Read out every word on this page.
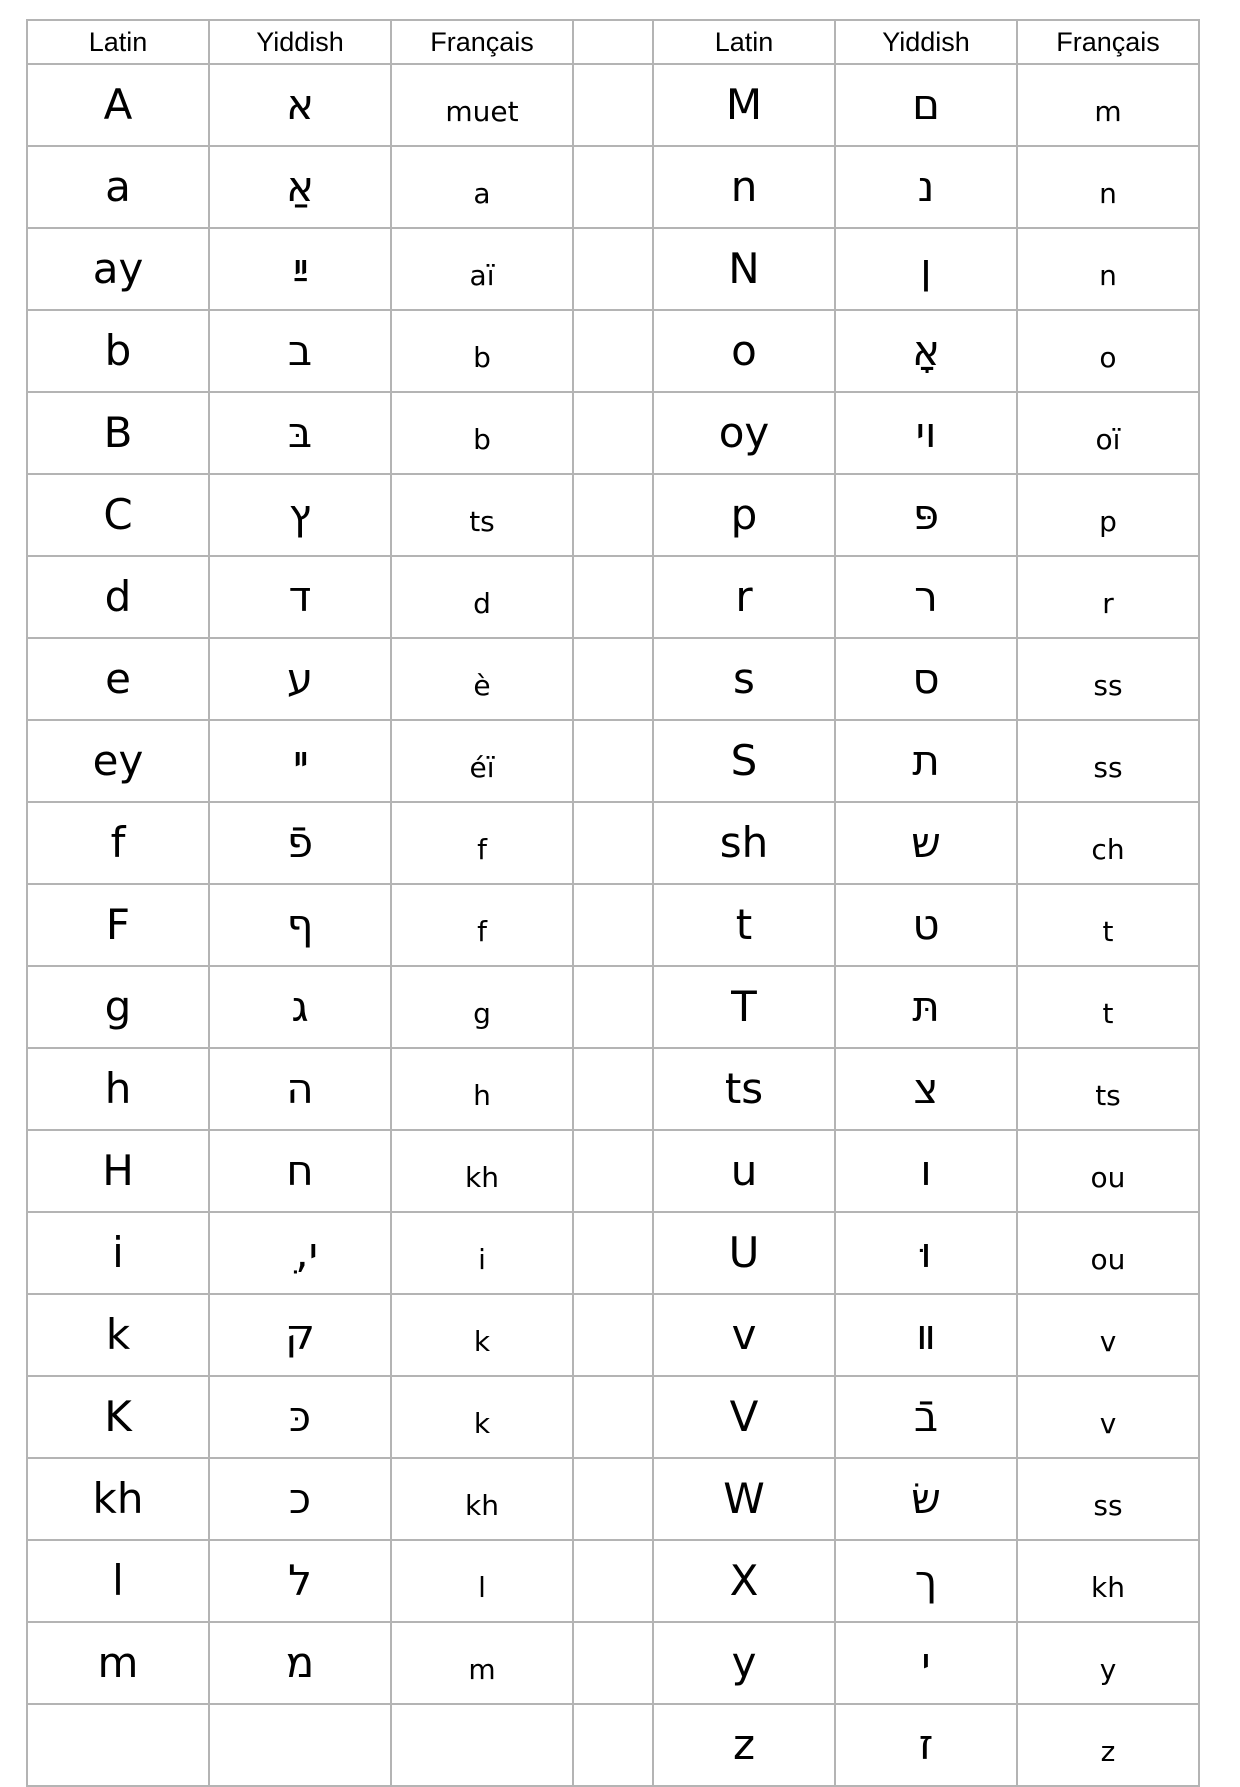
Latin	Yiddish	Français		Latin	Yiddish	Français
A	א	muet		M	ם	m
a	אַ	a		n	נ	n
ay	ײַ	aï		N	ן	n
b	ב	b		o	אָ	o
B	בּ	b		oy	וי	oï
C	ץ	ts		p	פּ	p
d	ד	d		r	ר	r
e	ע	è		s	ס	ss
ey	ײ	éï		S	ת	ss
f	פֿ	f		sh	ש	ch
F	ף	f		t	ט	t
g	ג	g		T	תּ	t
h	ה	h		ts	צ	ts
H	ח	kh		u	ו	ou
i	י, ִ	i		U	וּ	ou
k	ק	k		v	װ	v
K	כּ	k		V	בֿ	v
kh	כ	kh		W	שׂ	ss
l	ל	l		X	ך	kh
m	מ	m		y	י	y
				z	ז	z
